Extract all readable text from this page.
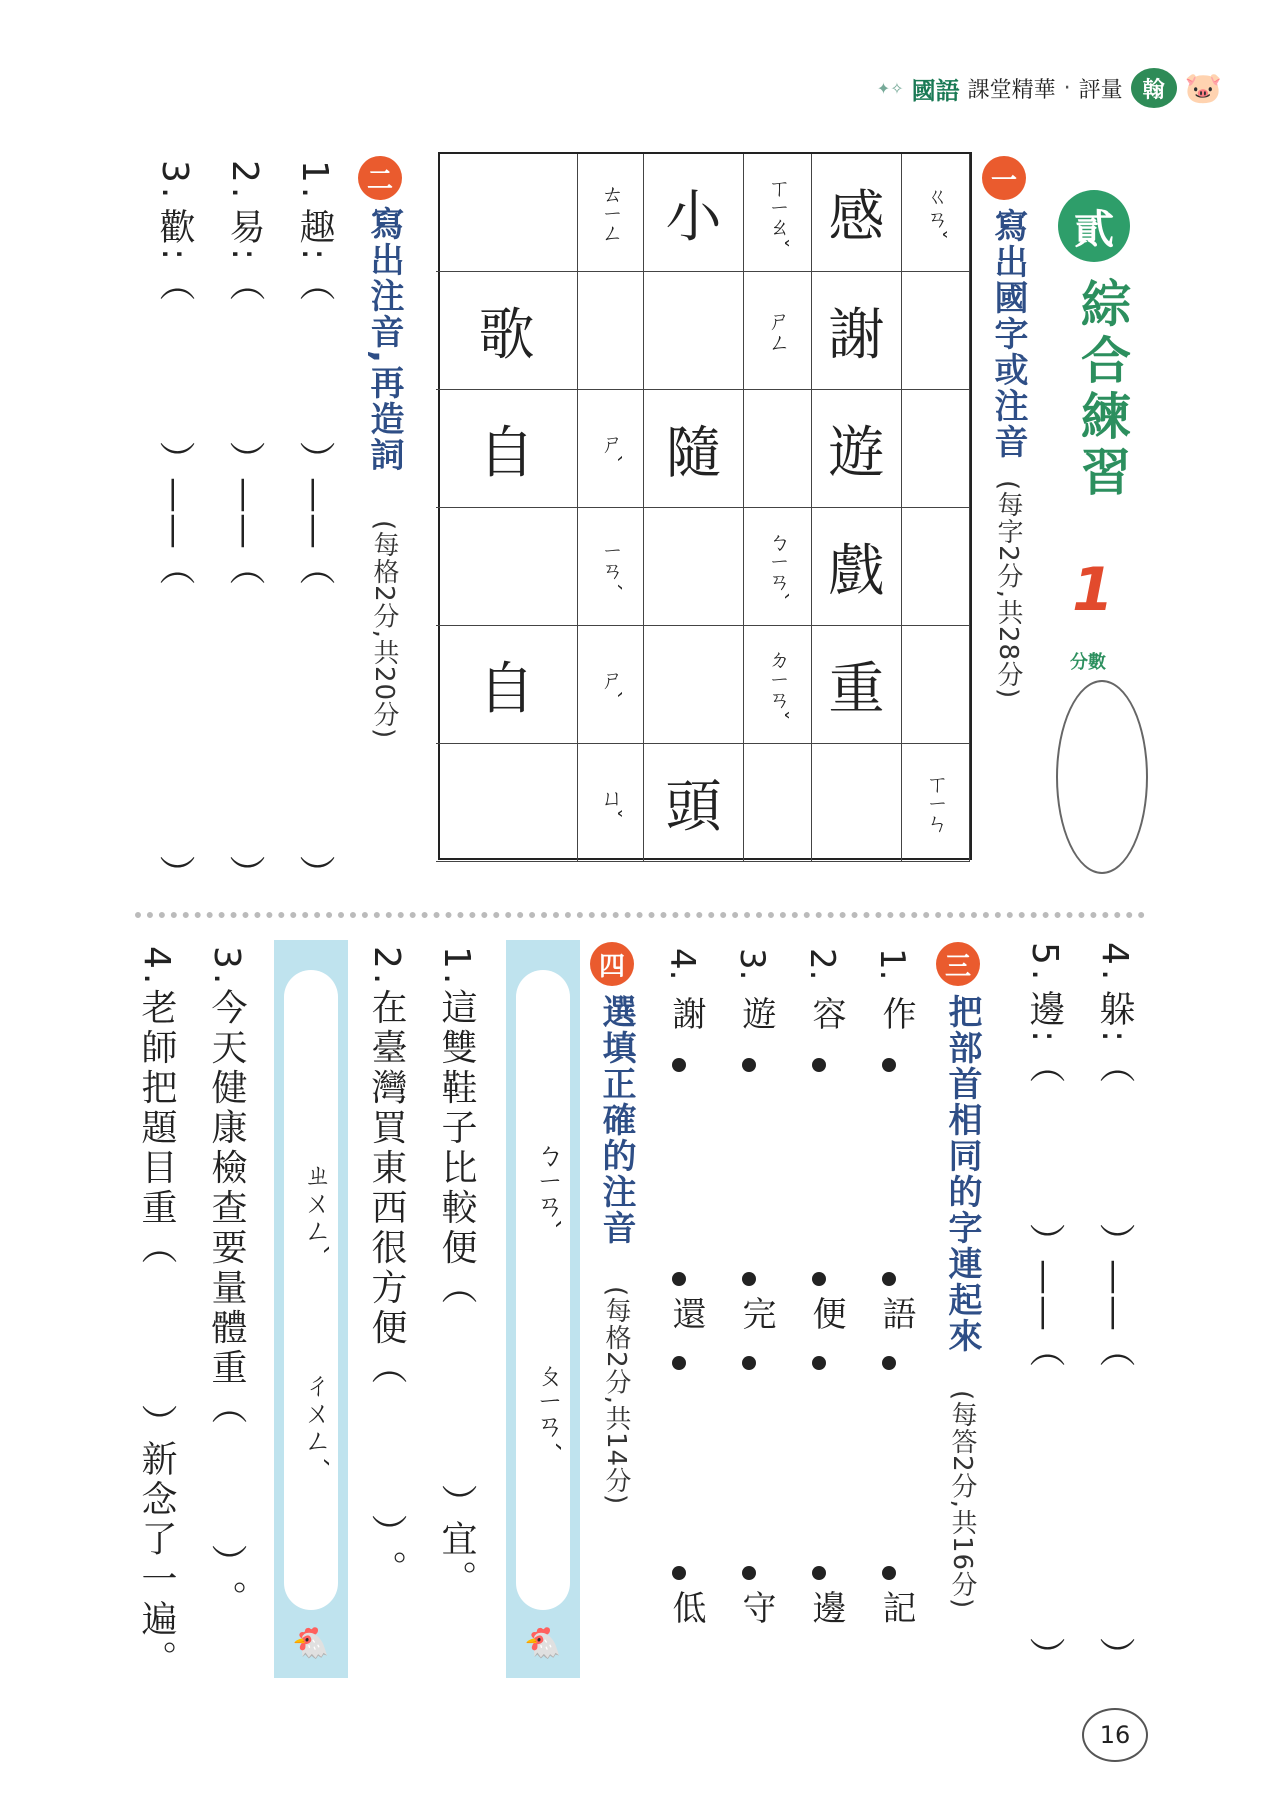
✦✧ 國語 課堂精華 · 評量 翰 🐷
貳
綜合練習
1
分數
一
寫出國字或注音
(每字2分,共28分)
ㄍㄢˇ
ㄒㄧㄣ
感
謝
遊
戲
重
ㄒㄧㄠˇ
ㄕㄥ
ㄅㄧㄢˋ
ㄉㄧㄢˇ
小
隨
頭
ㄊㄧㄥ
ㄕˋ
ㄧㄢˊ
ㄕˋ
ㄩˇ
歌
自
自
二
寫出注音,再造詞
(每格2分,共20分)
1.
趣
:
︵
︶
——
︵
︶
2.
易
:
︵
︶
——
︵
︶
3.
歡
:
︵
︶
——
︵
︶
4.
躲
:
︵
︶
——
︵
︶
5.
邊
:
︵
︶
——
︵
︶
三
把部首相同的字連起來
(每答2分,共16分)
1.
作
語
記
2.
容
便
邊
3.
遊
完
守
4.
謝
還
低
四
選填正確的注音
(每格2分,共14分)
ㄅㄧㄢˋ
ㄆㄧㄢˊ
🐔
ㄓㄨㄥˋ
ㄔㄨㄥˊ
🐔
1.這雙鞋子比較便
︵
︶
宜。
2.在臺灣買東西很方便
︵
︶
。
3.今天健康檢查要量體重
︵
︶
。
4.老師把題目重
︵
︶
新念了一遍。
16
